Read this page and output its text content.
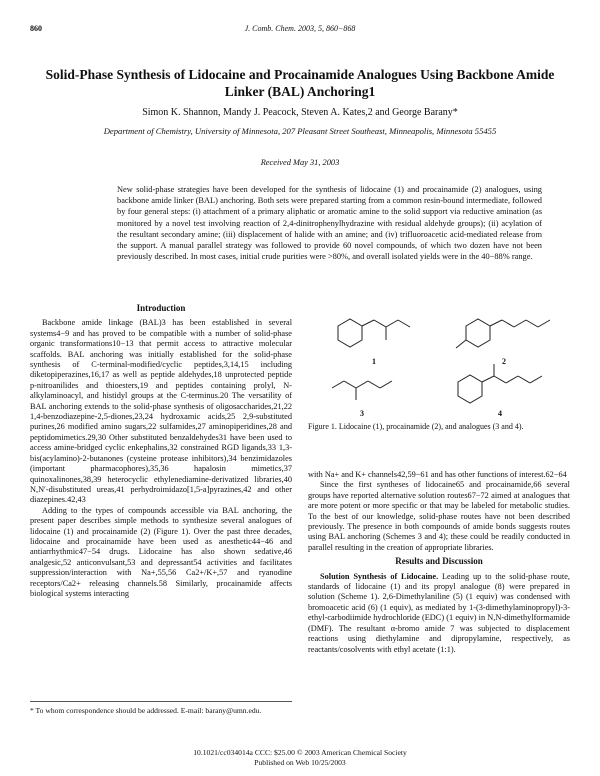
860	J. Comb. Chem. 2003, 5, 860−868
Solid-Phase Synthesis of Lidocaine and Procainamide Analogues Using Backbone Amide Linker (BAL) Anchoring1
Simon K. Shannon, Mandy J. Peacock, Steven A. Kates,2 and George Barany*
Department of Chemistry, University of Minnesota, 207 Pleasant Street Southeast, Minneapolis, Minnesota 55455
Received May 31, 2003
New solid-phase strategies have been developed for the synthesis of lidocaine (1) and procainamide (2) analogues, using backbone amide linker (BAL) anchoring. Both sets were prepared starting from a common resin-bound intermediate, followed by four general steps: (i) attachment of a primary aliphatic or aromatic amine to the solid support via reductive amination (as monitored by a novel test involving reaction of 2,4-dinitrophenylhydrazine with residual aldehyde groups); (ii) acylation of the resultant secondary amine; (iii) displacement of halide with an amine; and (iv) trifluoroacetic acid-mediated release from the support. A manual parallel strategy was followed to provide 60 novel compounds, of which two dozen have not been previously described. In most cases, initial crude purities were >80%, and overall isolated yields were in the 40−88% range.
Introduction

Backbone amide linkage (BAL)3 has been established in several systems4−9 and has proved to be compatible with a number of solid-phase organic transformations10−13 that permit access to attractive molecular scaffolds. BAL anchoring was initially established for the solid-phase synthesis of C-terminal-modified/cyclic peptides,3,14,15 including diketopiperazines,16,17 as well as peptide aldehydes,18 unprotected peptide p-nitroanilides and thioesters,19 and peptides containing prolyl, N-alkylaminoacyl, and histidyl groups at the C-terminus.20 The versatility of BAL anchoring extends to the solid-phase synthesis of oligosaccharides,21,22 1,4-benzodiazepine-2,5-diones,23,24 hydroxamic acids,25 2,9-substituted purines,26 modified amino sugars,22 sulfamides,27 aminopiperidines,28 and peptidomimetics.29,30 Other substituted benzaldehydes31 have been used to access amine-bridged cyclic enkephalins,32 constrained RGD ligands,33 1,3-bis(acylamino)-2-butanones (cysteine protease inhibitors),34 benzimidazoles (important pharmacophores),35,36 hapalosin mimetics,37 quinoxalinones,38,39 heterocyclic ethylenediamine-derivatized libraries,40 N,N′-disubstituted ureas,41 perhydroimidazo[1,5-a]pyrazines,42 and other diazepines.42,43

Adding to the types of compounds accessible via BAL anchoring, the present paper describes simple methods to synthesize several analogues of lidocaine (1) and procainamide (2) (Figure 1). Over the past three decades, lidocaine and procainamide have been used as anesthetic44−46 and antiarrhythmic47−54 drugs. Lidocaine has also shown sedative,46 analgesic,52 anticonvulsant,53 and depressant54 activities and facilitates suppression/interaction with Na+,55,56 Ca2+/K+,57 and ryanodine receptors/Ca2+ releasing channels.58 Similarly, procainamide affects biological systems interacting

1	2
3	4
Figure 1. Lidocaine (1), procainamide (2), and analogues (3 and 4).

with Na+ and K+ channels42,59−61 and has other functions of interest.62−64

Since the first syntheses of lidocaine65 and procainamide,66 several groups have reported alternative solution routes67−72 aimed at analogues that are more potent or more specific or that may be labeled for metabolic studies. To the best of our knowledge, solid-phase routes have not been described previously. The presence in both compounds of amide bonds suggests routes using BAL anchoring (Schemes 3 and 4); these could be readily conducted in parallel resulting in the creation of appropriate libraries.

Results and Discussion

Solution Synthesis of Lidocaine. Leading up to the solid-phase route, standards of lidocaine (1) and its propyl analogue (8) were prepared in solution (Scheme 1). 2,6-Dimethylaniline (5) (1 equiv) was condensed with bromoacetic acid (6) (1 equiv), as mediated by 1-(3-dimethylaminopropyl)-3-ethyl-carbodiimide hydrochloride (EDC) (1 equiv) in N,N-dimethylformamide (DMF). The resultant α-bromo amide 7 was subjected to displacement reactions using diethylamine and dipropylamine, respectively, as reactants/cosolvents with ethyl acetate (1:1).

* To whom correspondence should be addressed. E-mail: barany@umn.edu.
10.1021/cc034014a CCC: $25.00 © 2003 American Chemical Society
Published on Web 10/25/2003
